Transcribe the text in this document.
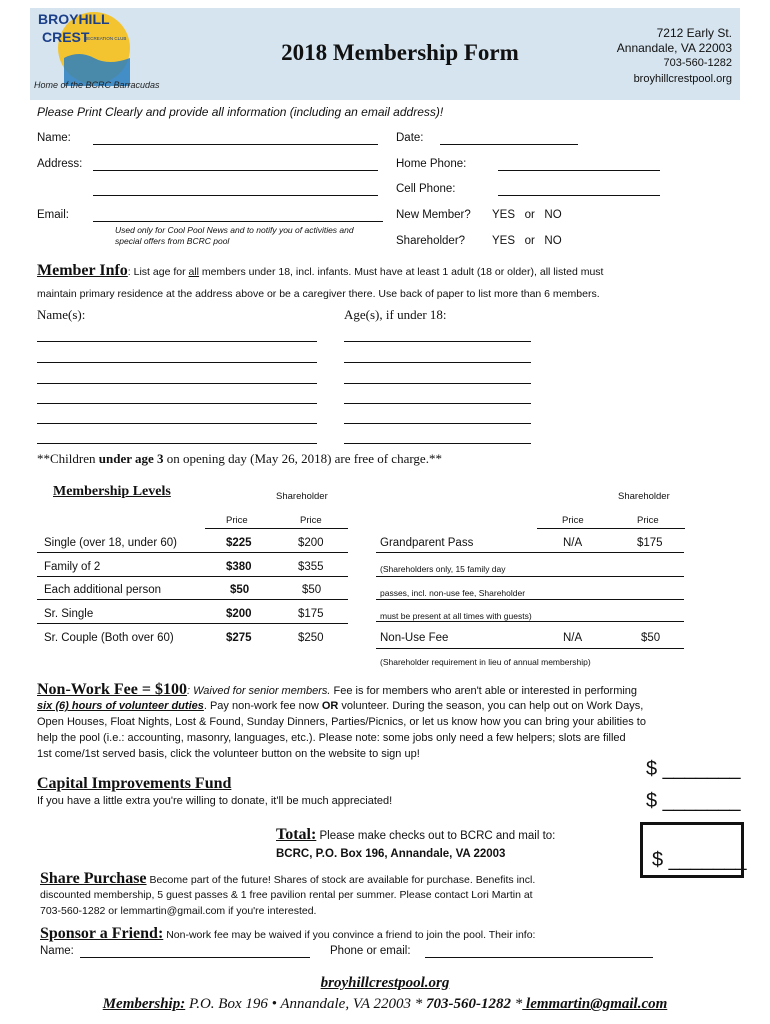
BROYHILL
CREST
RECREATION CLUB
2018 Membership Form
Home of the BCRC Barracudas
7212 Early St.
Annandale, VA 22003
703-560-1282
broyhillcrestpool.org
Please Print Clearly and provide all information (including an email address)!
Name:	Date:
Address:	Home Phone:
Cell Phone:
Email:
Used only for Cool Pool News and to notify you of activities and special offers from BCRC pool
New Member? YES   or   NO
Shareholder? YES   or   NO
Member Info: List age for all members under 18, incl. infants. Must have at least 1 adult (18 or older), all listed must
maintain primary residence at the address above or be a caregiver there. Use back of paper to list more than 6 members.
Name(s):	Age(s), if under 18:
**Children under age 3 on opening day (May 26, 2018) are free of charge.**
Membership Levels	Shareholder	Shareholder
Price	Price	Price	Price
Single (over 18, under 60)	$225	$200
Family of 2	$380	$355
Each additional person	$50	$50
Sr. Single	$200	$175
Sr. Couple (Both over 60)	$275	$250
Grandparent Pass	N/A	$175
(Shareholders only, 15 family day
passes, incl. non-use fee, Shareholder
must be present at all times with guests)
Non-Use Fee	N/A	$50
(Shareholder requirement in lieu of annual membership)
Non-Work Fee = $100: Waived for senior members. Fee is for members who aren't able or interested in performing
six (6) hours of volunteer duties. Pay non-work fee now OR volunteer. During the season, you can help out on Work Days,
Open Houses, Float Nights, Lost & Found, Sunday Dinners, Parties/Picnics, or let us know how you can bring your abilities to
help the pool (i.e.: accounting, masonry, languages, etc.). Please note: some jobs only need a few helpers; slots are filled
1st come/1st served basis, click the volunteer button on the website to sign up!
$ _______
Capital Improvements Fund
If you have a little extra you're willing to donate, it'll be much appreciated!	$ _______
Total: Please make checks out to BCRC and mail to:
BCRC, P.O. Box 196, Annandale, VA 22003	$ _______
Share Purchase Become part of the future! Shares of stock are available for purchase. Benefits incl.
discounted membership, 5 guest passes & 1 free pavilion rental per summer. Please contact Lori Martin at
703-560-1282 or lemmartin@gmail.com if you're interested.
Sponsor a Friend: Non-work fee may be waived if you convince a friend to join the pool. Their info:
Name:	Phone or email:
broyhillcrestpool.org
Membership: P.O. Box 196 • Annandale, VA 22003 * 703-560-1282 * lemmartin@gmail.com
